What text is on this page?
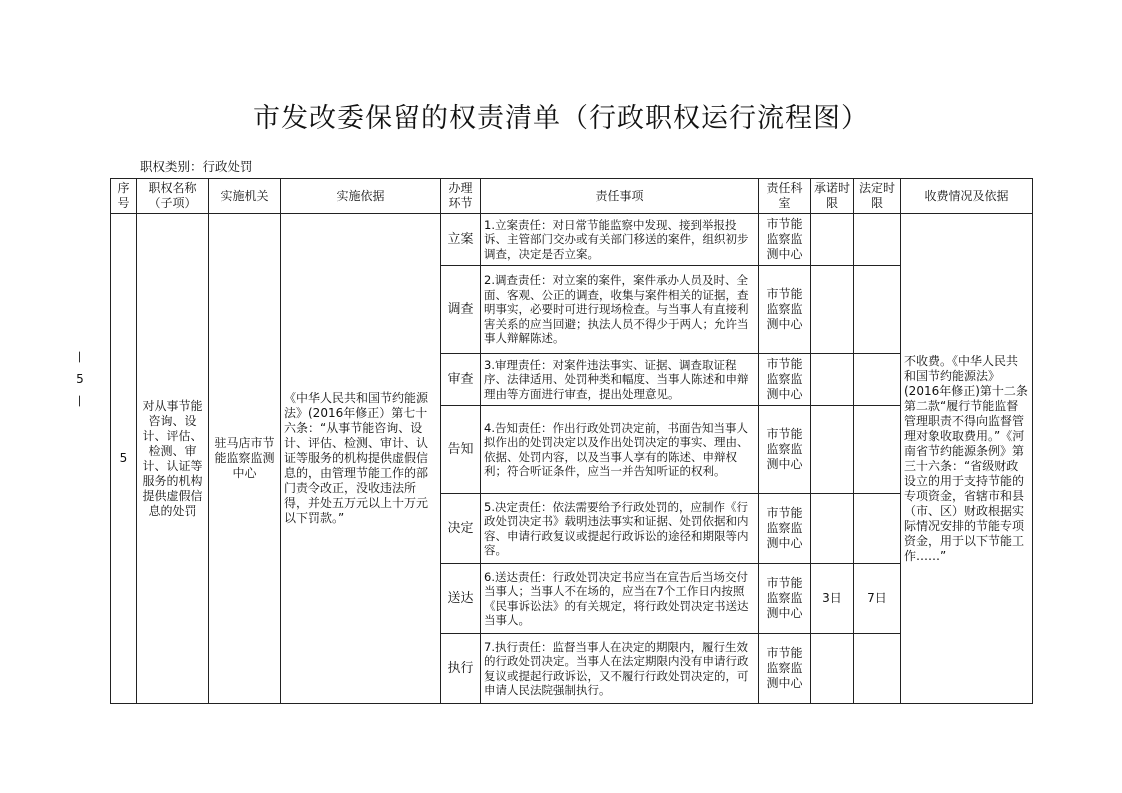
市发改委保留的权责清单（行政职权运行流程图）
职权类别：行政处罚
—
5
—
序号	职权名称（子项）	实施机关	实施依据	办理环节	责任事项	责任科室	承诺时限	法定时限	收费情况及依据
5	对从事节能咨询、设计、评估、检测、审计、认证等服务的机构提供虚假信息的处罚	驻马店市节能监察监测中心	《中华人民共和国节约能源法》(2016年修正）第七十六条：“从事节能咨询、设计、评估、检测、审计、认证等服务的机构提供虚假信息的，由管理节能工作的部门责令改正，没收违法所得，并处五万元以上十万元以下罚款。”	立案	1.立案责任：对日常节能监察中发现、接到举报投诉、主管部门交办或有关部门移送的案件，组织初步调查，决定是否立案。	市节能监察监测中心			不收费。《中华人民共和国节约能源法》(2016年修正)第十二条第二款“履行节能监督管理职责不得向监督管理对象收取费用。”《河南省节约能源条例》第三十六条：“省级财政设立的用于支持节能的专项资金，省辖市和县（市、区）财政根据实际情况安排的节能专项资金，用于以下节能工作……”
				调查	2.调查责任：对立案的案件，案件承办人员及时、全面、客观、公正的调查，收集与案件相关的证据，查明事实，必要时可进行现场检查。与当事人有直接利害关系的应当回避；执法人员不得少于两人；允许当事人辩解陈述。	市节能监察监测中心			
				审查	3.审理责任：对案件违法事实、证据、调查取证程序、法律适用、处罚种类和幅度、当事人陈述和申辩理由等方面进行审查，提出处理意见。	市节能监察监测中心			
				告知	4.告知责任：作出行政处罚决定前，书面告知当事人拟作出的处罚决定以及作出处罚决定的事实、理由、依据、处罚内容，以及当事人享有的陈述、申辩权利；符合听证条件，应当一并告知听证的权利。	市节能监察监测中心			
				决定	5.决定责任：依法需要给予行政处罚的，应制作《行政处罚决定书》载明违法事实和证据、处罚依据和内容、申请行政复议或提起行政诉讼的途径和期限等内容。	市节能监察监测中心			
				送达	6.送达责任：行政处罚决定书应当在宣告后当场交付当事人；当事人不在场的，应当在7个工作日内按照《民事诉讼法》的有关规定，将行政处罚决定书送达当事人。	市节能监察监测中心	3日	7日	
				执行	7.执行责任：监督当事人在决定的期限内，履行生效的行政处罚决定。当事人在法定期限内没有申请行政复议或提起行政诉讼，又不履行行政处罚决定的，可申请人民法院强制执行。	市节能监察监测中心			
